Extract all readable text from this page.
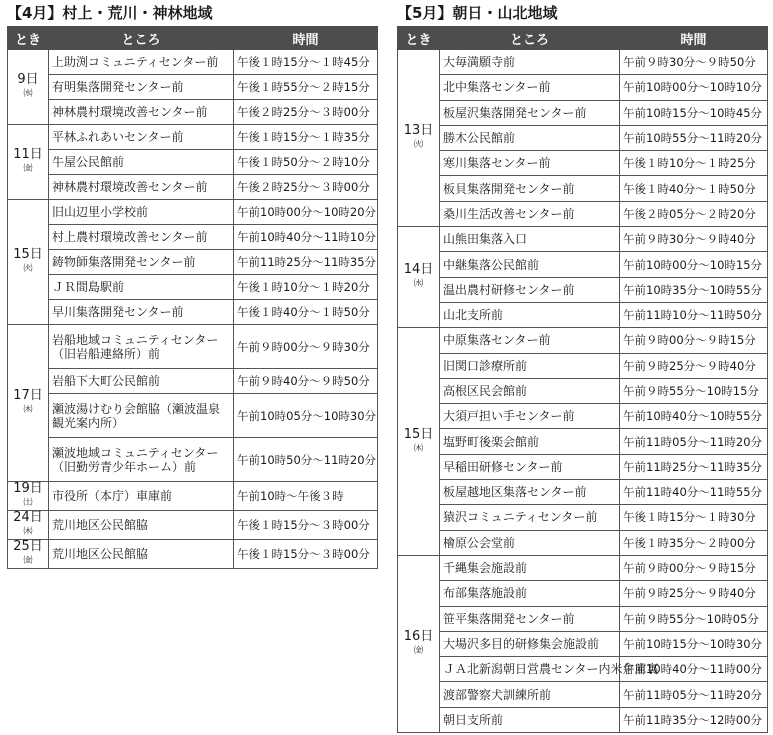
【4月】村上・荒川・神林地域
とき	ところ	時間

9日
㈬	上助渕コミュニティセンター前	午後１時15分～１時45分
	有明集落開発センター前	午後１時55分～２時15分
	神林農村環境改善センター前	午後２時25分～３時00分

11日
㈮	平林ふれあいセンター前	午後１時15分～１時35分
	牛屋公民館前	午後１時50分～２時10分
	神林農村環境改善センター前	午後２時25分～３時00分

15日
㈫	旧山辺里小学校前	午前10時00分～10時20分
	村上農村環境改善センター前	午前10時40分～11時10分
	鋳物師集落開発センター前	午前11時25分～11時35分
	ＪＲ間島駅前	午後１時10分～１時20分
	早川集落開発センター前	午後１時40分～１時50分

17日
㈭	岩船地域コミュニティセンター（旧岩船連絡所）前	午前９時00分～９時30分
	岩船下大町公民館前	午前９時40分～９時50分
	瀬波湯けむり会館脇（瀬波温泉観光案内所）	午前10時05分～10時30分
	瀬波地域コミュニティセンター（旧勤労青少年ホーム）前	午前10時50分～11時20分

19日
㈯	市役所（本庁）車庫前	午前10時～午後３時

24日
㈭	荒川地区公民館脇	午後１時15分～３時00分

25日
㈮	荒川地区公民館脇	午後１時15分～３時00分
【5月】朝日・山北地域
とき	ところ	時間

13日
㈫	大毎満願寺前	午前９時30分～９時50分
	北中集落センター前	午前10時00分～10時10分
	板屋沢集落開発センター前	午前10時15分～10時45分
	勝木公民館前	午前10時55分～11時20分
	寒川集落センター前	午後１時10分～１時25分
	板貝集落開発センター前	午後１時40分～１時50分
	桑川生活改善センター前	午後２時05分～２時20分

14日
㈬	山熊田集落入口	午前９時30分～９時40分
	中継集落公民館前	午前10時00分～10時15分
	温出農村研修センター前	午前10時35分～10時55分
	山北支所前	午前11時10分～11時50分

15日
㈭	中原集落センター前	午前９時00分～９時15分
	旧関口診療所前	午前９時25分～９時40分
	高根区民会館前	午前９時55分～10時15分
	大須戸担い手センター前	午前10時40分～10時55分
	塩野町後楽会館前	午前11時05分～11時20分
	早稲田研修センター前	午前11時25分～11時35分
	板屋越地区集落センター前	午前11時40分～11時55分
	猿沢コミュニティセンター前	午後１時15分～１時30分
	檜原公会堂前	午後１時35分～２時00分

16日
㈮	千縄集会施設前	午前９時00分～９時15分
	布部集落施設前	午前９時25分～９時40分
	笹平集落開発センター前	午前９時55分～10時05分
	大場沢多目的研修集会施設前	午前10時15分～10時30分
	ＪＡ北新潟朝日営農センター内米倉庫裏	午前10時40分～11時00分
	渡部警察犬訓練所前	午前11時05分～11時20分
	朝日支所前	午前11時35分～12時00分
